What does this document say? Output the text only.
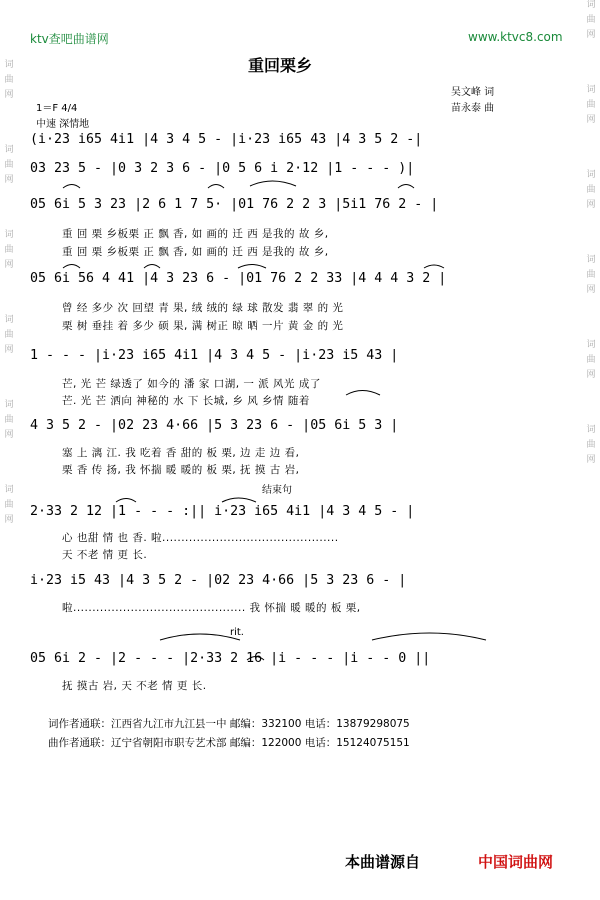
ktv查吧曲谱网	www.ktvc8.com
重回栗乡
吴文峰 词
苗永泰 曲
1＝F 4/4
中速 深情地
词
曲
网
词
曲
网
词
曲
网
词
曲
网
词
曲
网
词
曲
网
词
曲
网
词
曲
网
词
曲
网
词
曲
网
词
曲
网
词
曲
网
(i·23 i65 4i1 |4 3 4 5 - |i·23 i65 43 |4 3 5 2 -|
03 23 5 - |0 3 2 3 6 - |0 5 6 i 2·12 |1 - - - )|
05 6i 5 3 23 |2 6 1 7 5· |01 76 2 2 3 |5i1 76 2 - |
重 回 栗 乡板栗 正 飘 香, 如 画的 迁 西 是我的 故 乡,
重 回 栗 乡板栗 正 飘 香, 如 画的 迁 西 是我的 故 乡,
05 6i 56 4 41 |4 3 23 6 - |01 76 2 2 33 |4 4 4 3 2 |
曾 经 多少 次 回望 青 果, 绒 绒的 绿 球 散发 翡 翠 的 光
栗 树 垂挂 着 多少 硕 果, 满 树正 晾 晒 一片 黄 金 的 光
1 - - - |i·23 i65 4i1 |4 3 4 5 - |i·23 i5 43 |
芒, 光 芒 绿透了 如今的 潘 家 口湖, 一 派 风光 成了
芒. 光 芒 洒向 神秘的 水 下 长城, 乡 风 乡情 随着
4 3 5 2 - |02 23 4·66 |5 3 23 6 - |05 6i 5 3 |
塞 上 漓 江. 我 吃着 香 甜的 板 栗, 边 走 边 看,
栗 香 传 扬, 我 怀揣 暖 暖的 板 栗, 抚 摸 古 岩,
结束句
2·33 2 12 |1 - - - :|| i·23 i65 4i1 |4 3 4 5 - |
心 也甜 情 也 香. 啦..............................................
天 不老 情 更 长.
i·23 i5 43 |4 3 5 2 - |02 23 4·66 |5 3 23 6 - |
啦............................................. 我 怀揣 暖 暖的 板 栗,
rit.
05 6i 2 - |2 - - - |2·33 2 16 |i - - - |i - - 0 ||
抚 摸古 岩, 天 不老 情 更 长.
词作者通联：江西省九江市九江县一中 邮编：332100 电话：13879298075
曲作者通联：辽宁省朝阳市职专艺术部 邮编：122000 电话：15124075151
本曲谱源自	中国词曲网
